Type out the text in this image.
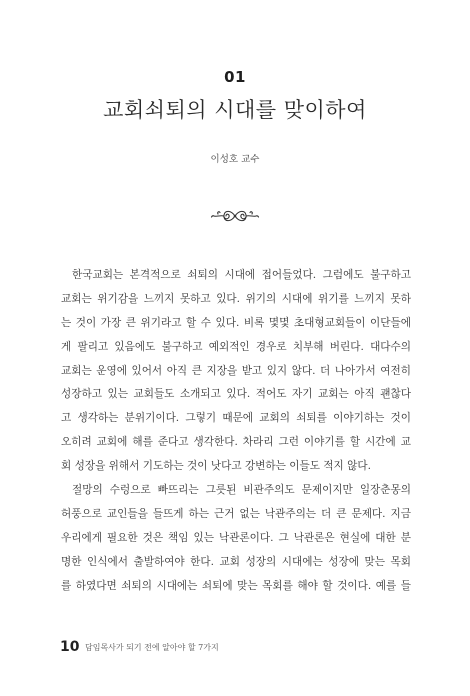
01
교회쇠퇴의 시대를 맞이하여
이성호 교수
한국교회는 본격적으로 쇠퇴의 시대에 접어들었다. 그럼에도 불구하고
교회는 위기감을 느끼지 못하고 있다. 위기의 시대에 위기를 느끼지 못하
는 것이 가장 큰 위기라고 할 수 있다. 비록 몇몇 초대형교회들이 이단들에
게 팔리고 있음에도 불구하고 예외적인 경우로 치부해 버린다. 대다수의
교회는 운영에 있어서 아직 큰 지장을 받고 있지 않다. 더 나아가서 여전히
성장하고 있는 교회들도 소개되고 있다. 적어도 자기 교회는 아직 괜찮다
고 생각하는 분위기이다. 그렇기 때문에 교회의 쇠퇴를 이야기하는 것이
오히려 교회에 해를 준다고 생각한다. 차라리 그런 이야기를 할 시간에 교
회 성장을 위해서 기도하는 것이 낫다고 강변하는 이들도 적지 않다.
절망의 수렁으로 빠뜨리는 그릇된 비관주의도 문제이지만 일장춘몽의
허풍으로 교인들을 들뜨게 하는 근거 없는 낙관주의는 더 큰 문제다. 지금
우리에게 필요한 것은 책임 있는 낙관론이다. 그 낙관론은 현실에 대한 분
명한 인식에서 출발하여야 한다. 교회 성장의 시대에는 성장에 맞는 목회
를 하였다면 쇠퇴의 시대에는 쇠퇴에 맞는 목회를 해야 할 것이다. 예를 들
10 담임목사가 되기 전에 알아야 할 7가지
